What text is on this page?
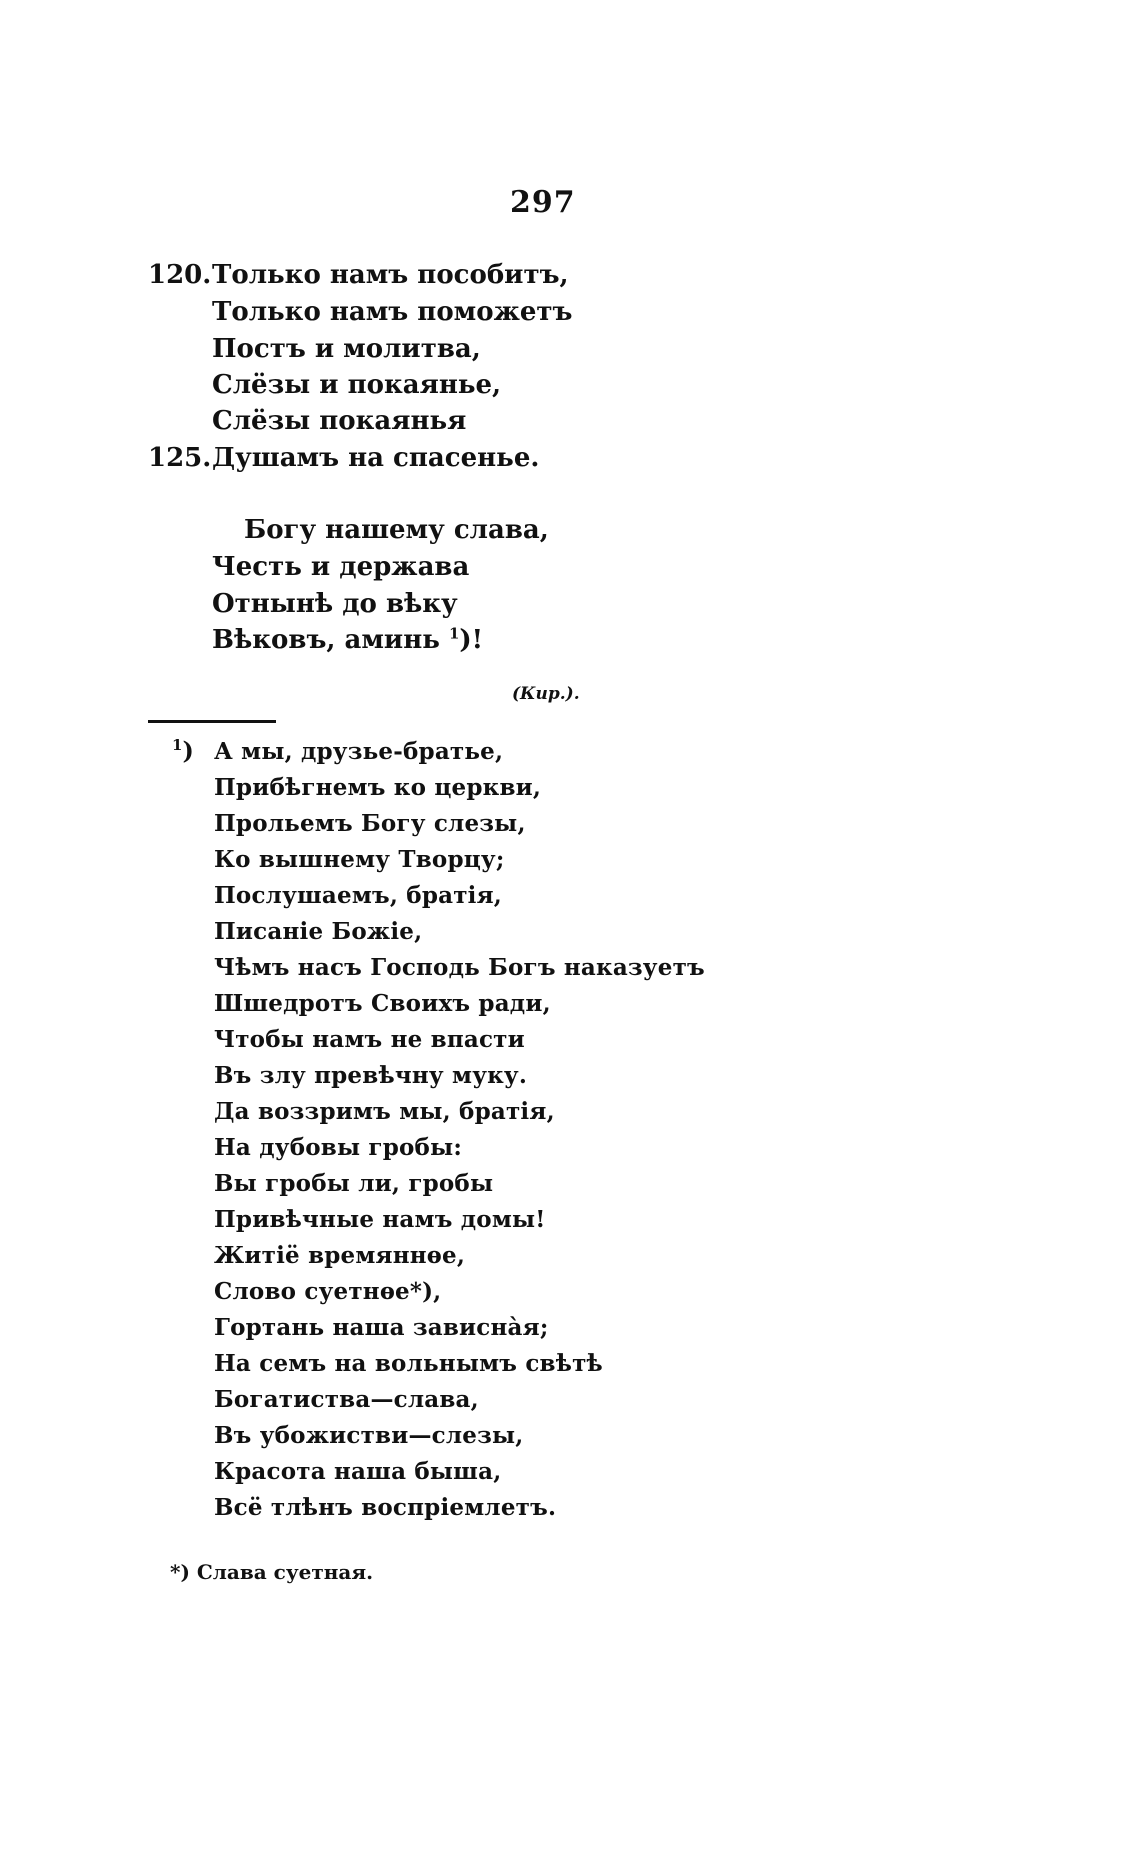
297
120.
125.
Только намъ пособитъ,
Только намъ поможетъ
Постъ и молитва,
Слёзы и покаянье,
Слёзы покаянья
Душамъ на спасенье.
Богу нашему слава,
Честь и держава
Отнынѣ до вѣку
Вѣковъ, аминь $^1$)!
(Кир.).
$^1$) А мы, друзье-братье,
Прибѣгнемъ ко церкви,
Прольемъ Богу слезы,
Ко вышнему Творцу;
Послушаемъ, братія,
Писаніе Божіе,
Чѣмъ насъ Господь Богъ наказуетъ
Шшедротъ Своихъ ради,
Чтобы намъ не впасти
Въ злу превѣчну муку.
Да воззримъ мы, братія,
На дубовы гробы:
Вы гробы ли, гробы
Привѣчные намъ домы!
Житіё времяннѳе,
Слово суетнѳе*),
Гортань наша зависнàя;
На семъ на вольнымъ свѣтѣ
Богатиства—слава,
Въ убожистви—слезы,
Красота наша быша,
Всё тлѣнъ воспріемлетъ.
*) Слава суетная.
